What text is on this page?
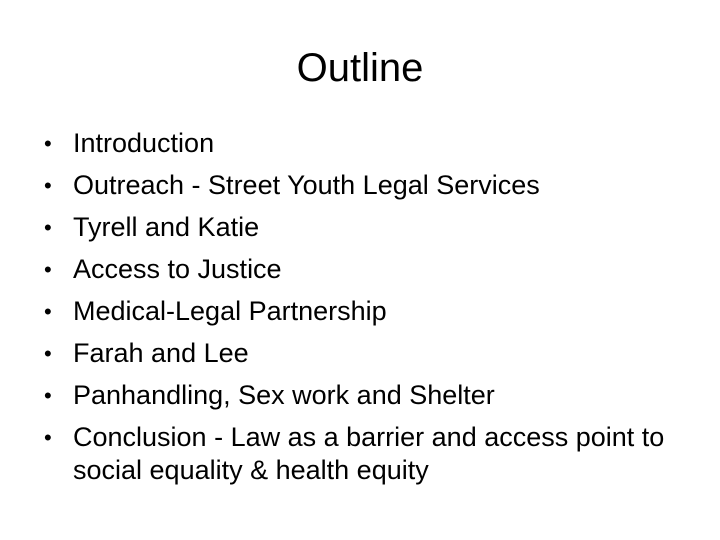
Outline
• Introduction
• Outreach - Street Youth Legal Services
• Tyrell and Katie
• Access to Justice
• Medical-Legal Partnership
• Farah and Lee
• Panhandling, Sex work and Shelter
• Conclusion - Law as a barrier and access point to social equality & health equity
